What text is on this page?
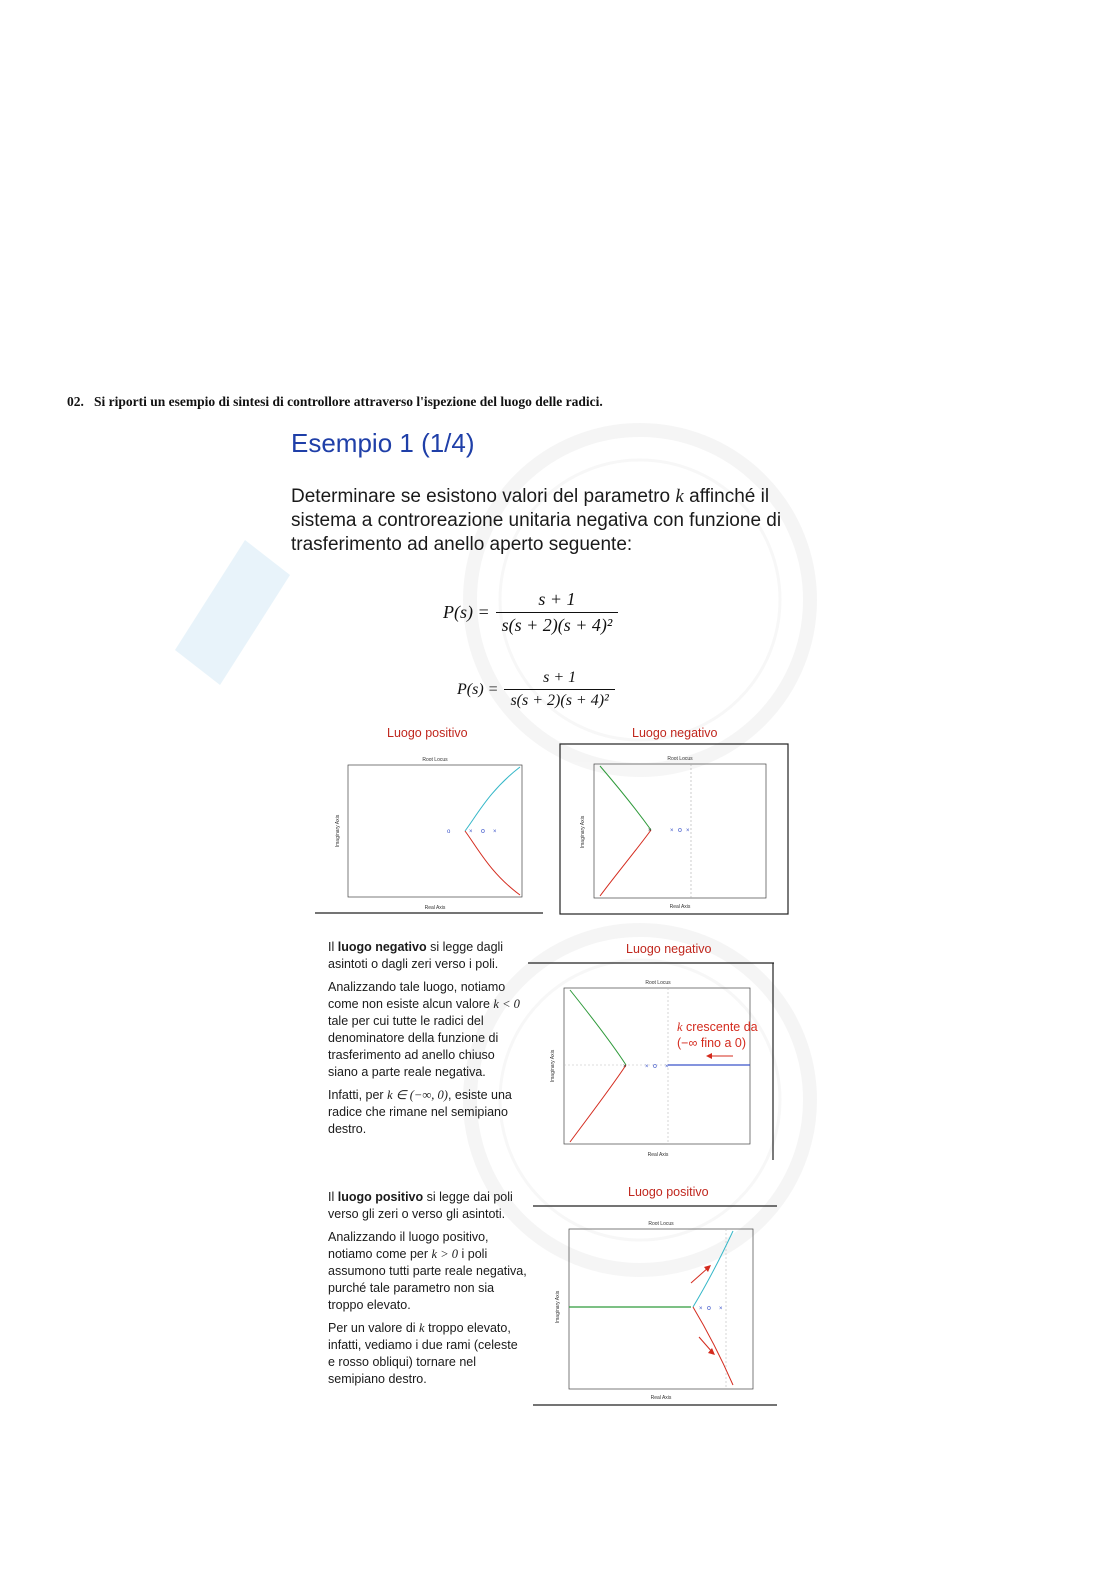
02. Si riporti un esempio di sintesi di controllore attraverso l'ispezione del luogo delle radici.
Esempio 1 (1/4)
Determinare se esistono valori del parametro k affinché il
sistema a controreazione unitaria negativa con funzione di
trasferimento ad anello aperto seguente:
$P(s) = \frac{s + 1}{\text{s(s + 2)(s + 4)²}}$
$P(s) = \frac{s + 1}{\text{s(s + 2)(s + 4)²}}$
Luogo positivo	Luogo negativo
Root Locus
Real Axis
Imaginary Axis	o	× o ×
Root Locus
Real Axis
Imaginary Axis	×	× o ×

Il luogo negativo si legge dagli asintoti o dagli zeri verso i poli.

Analizzando tale luogo, notiamo come non esiste alcun valore k < 0 tale per cui tutte le radici del denominatore della funzione di trasferimento ad anello chiuso siano a parte reale negativa.

Infatti, per k ∈ (−∞, 0), esiste una radice che rimane nel semipiano destro.

Luogo negativo
Root Locus
Real Axis
Imaginary Axis	×	× o ×
k crescente da
(−∞ fino a 0)

Il luogo positivo si legge dai poli verso gli zeri o verso gli asintoti.

Analizzando il luogo positivo, notiamo come per k > 0 i poli assumono tutti parte reale negativa, purché tale parametro non sia troppo elevato.

Per un valore di k troppo elevato, infatti, vediamo i due rami (celeste e rosso obliqui) tornare nel semipiano destro.

Luogo positivo
Root Locus
Real Axis
Imaginary Axis	× o ×
